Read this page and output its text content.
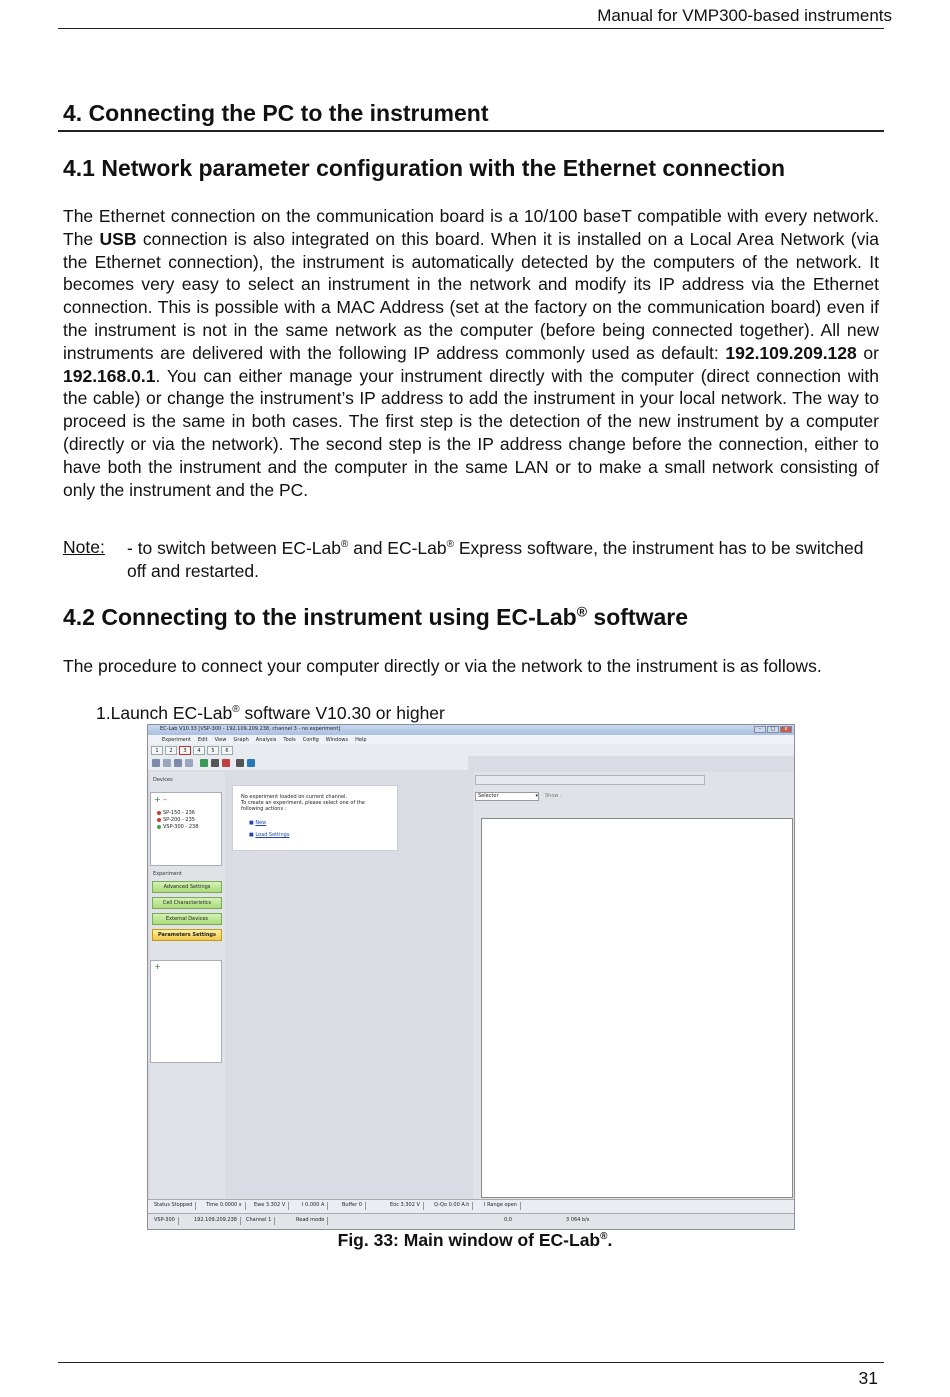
Manual for VMP300-based instruments
4. Connecting the PC to the instrument
4.1 Network parameter configuration with the Ethernet connection

The Ethernet connection on the communication board is a 10/100 baseT compatible with every network. The USB connection is also integrated on this board. When it is installed on a Local Area Network (via the Ethernet connection), the instrument is automatically detected by the computers of the network. It becomes very easy to select an instrument in the network and modify its IP address via the Ethernet connection. This is possible with a MAC Address (set at the factory on the communication board) even if the instrument is not in the same network as the computer (before being connected together). All new instruments are delivered with the following IP address commonly used as default: 192.109.209.128 or 192.168.0.1. You can either manage your instrument directly with the computer (direct connection with the cable) or change the instrument’s IP address to add the instrument in your local network. The way to proceed is the same in both cases. The first step is the detection of the new instrument by a computer (directly or via the network). The second step is the IP address change before the connection, either to have both the instrument and the computer in the same LAN or to make a small network consisting of only the instrument and the PC.

Note: - to switch between EC-Lab® and EC-Lab® Express software, the instrument has to be switched off and restarted.
4.2 Connecting to the instrument using EC-Lab® software

The procedure to connect your computer directly or via the network to the instrument is as follows.

1.Launch EC-Lab® software V10.30 or higher
EC-Lab V10.33 [VSP-300 - 192.109.209.238, channel 3 - no experiment]	–	□	x
Experiment Edit View Graph Analysis Tools Config Windows Help
1	2	3	4	5	6
Devices
+ –
SP-150 - 236
SP-200 - 235
VSP-300 - 238
Experiment
Advanced Settings
Cell Characteristics
External Devices
Parameters Settings
+
No experiment loaded on current channel.
To create an experiment, please select one of the following actions :
■ New
■ Load Settings
Selector	▾ Show :
Status Stopped	Time 0.0000 s	Ewe 3.302 V	I 0.000 A	Buffer 0	Eoc 3.302 V	Q-Qo 0.00 A.h	I Range open
VSP-300	192.109.209.238	Channel 1	Read mode	0,0	3 064 b/s
Fig. 33: Main window of EC-Lab®.
31
